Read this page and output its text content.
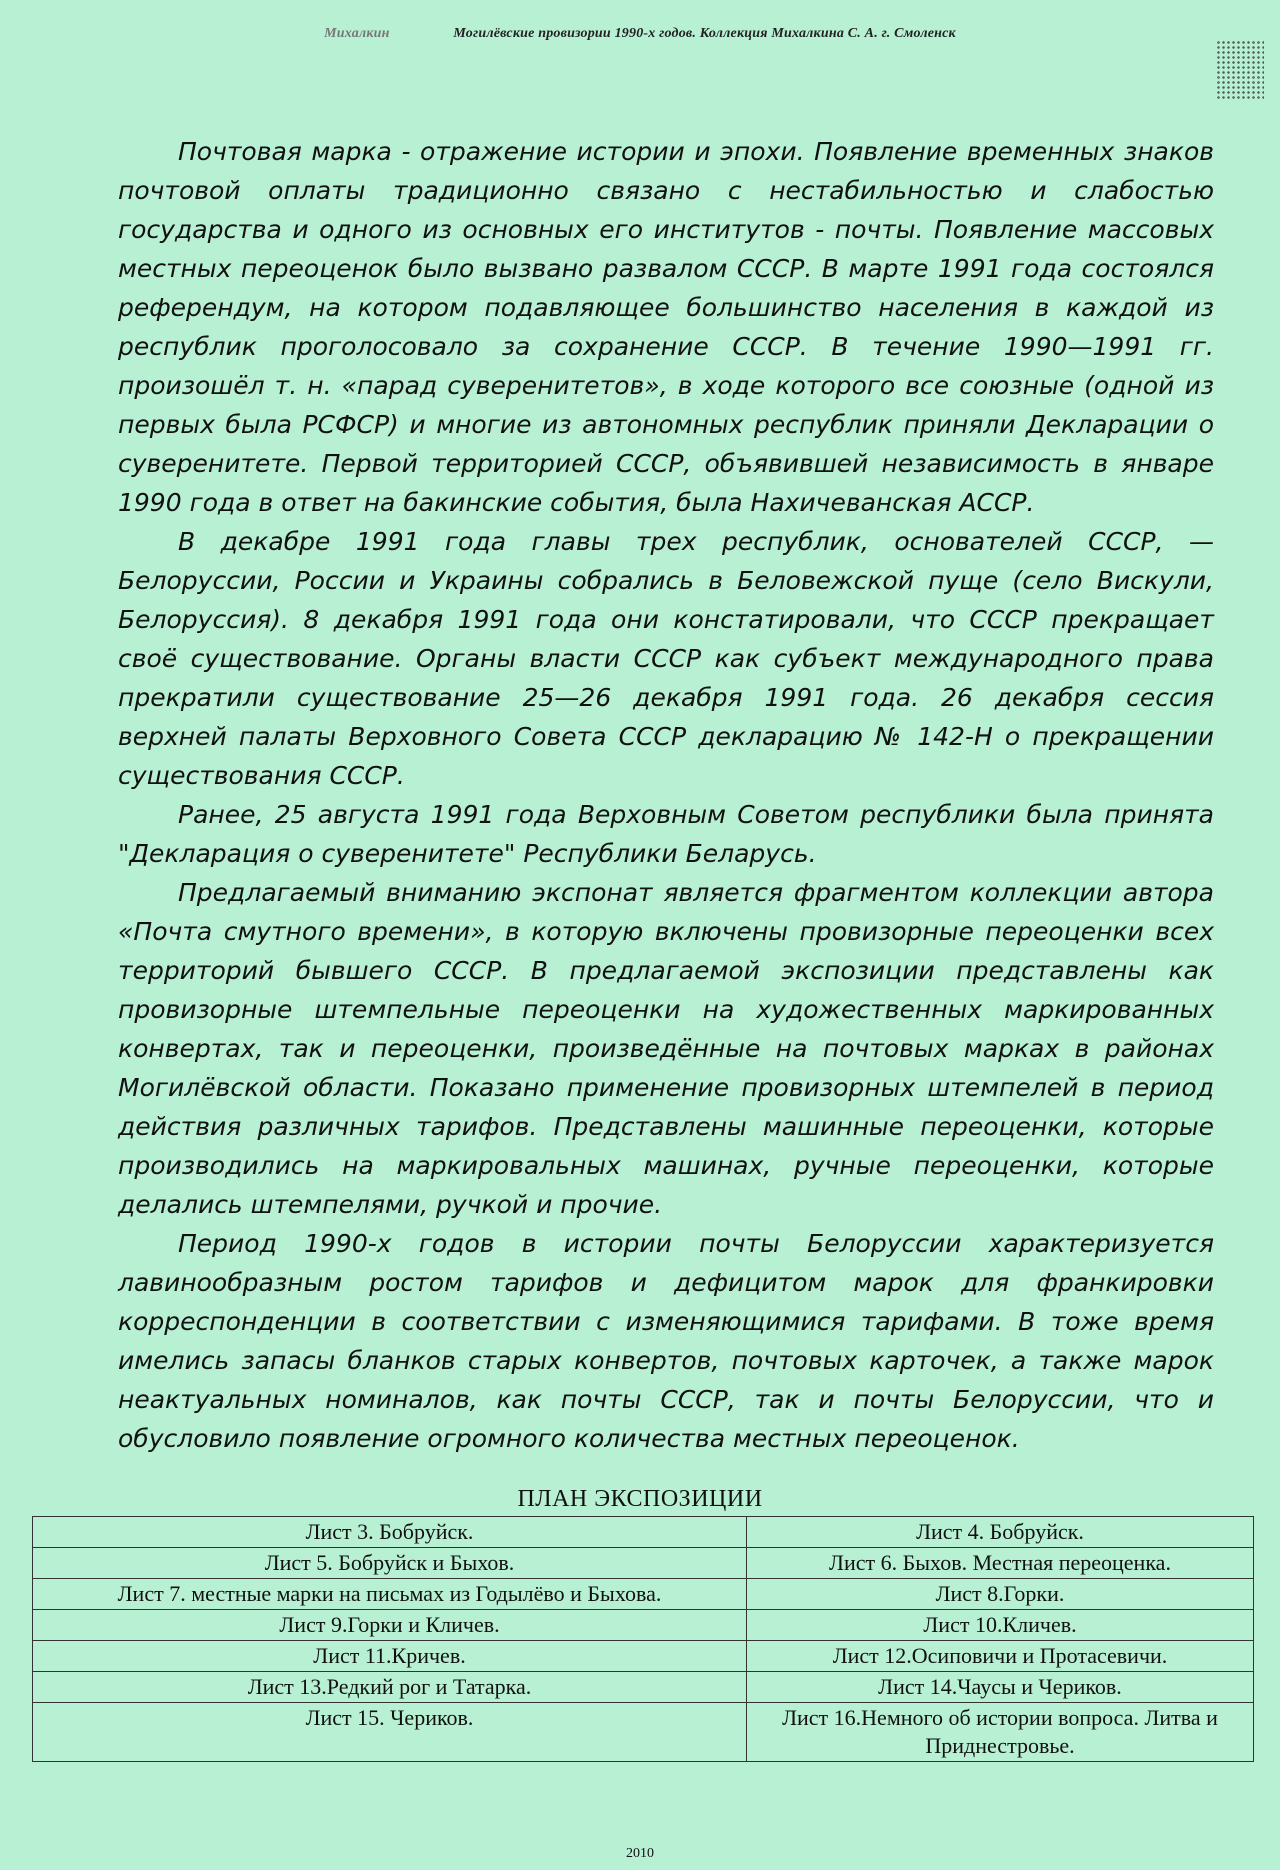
Михалкин	Могилёвские провизории 1990-х годов. Коллекция Михалкина С. А. г. Смоленск

Почтовая марка - отражение истории и эпохи. Появление временных знаков почтовой оплаты традиционно связано с нестабильностью и слабостью государства и одного из основных его институтов - почты. Появление массовых местных переоценок было вызвано развалом СССР. В марте 1991 года состоялся референдум, на котором подавляющее большинство населения в каждой из республик проголосовало за сохранение СССР. В течение 1990—1991 гг. произошёл т. н. «парад суверенитетов», в ходе которого все союзные (одной из первых была РСФСР) и многие из автономных республик приняли Декларации о суверенитете. Первой территорией СССР, объявившей независимость в январе 1990 года в ответ на бакинские события, была Нахичеванская АССР.

В декабре 1991 года главы трех республик, основателей СССР, — Белоруссии, России и Украины собрались в Беловежской пуще (село Вискули, Белоруссия). 8 декабря 1991 года они констатировали, что СССР прекращает своё существование. Органы власти СССР как субъект международного права прекратили существование 25—26 декабря 1991 года. 26 декабря сессия верхней палаты Верховного Совета СССР декларацию № 142-Н о прекращении существования СССР.

Ранее, 25 августа 1991 года Верховным Советом республики была принята "Декларация о суверенитете" Республики Беларусь.

Предлагаемый вниманию экспонат является фрагментом коллекции автора «Почта смутного времени», в которую включены провизорные переоценки всех территорий бывшего СССР. В предлагаемой экспозиции представлены как провизорные штемпельные переоценки на художественных маркированных конвертах, так и переоценки, произведённые на почтовых марках в районах Могилёвской области. Показано применение провизорных штемпелей в период действия различных тарифов. Представлены машинные переоценки, которые производились на маркировальных машинах, ручные переоценки, которые делались штемпелями, ручкой и прочие.

Период 1990-х годов в истории почты Белоруссии характеризуется лавинообразным ростом тарифов и дефицитом марок для франкировки корреспонденции в соответствии с изменяющимися тарифами. В тоже время имелись запасы бланков старых конвертов, почтовых карточек, а также марок неактуальных номиналов, как почты СССР, так и почты Белоруссии, что и обусловило появление огромного количества местных переоценок.

ПЛАН ЭКСПОЗИЦИИ
Лист 3. Бобруйск.	Лист 4. Бобруйск.
Лист 5. Бобруйск и Быхов.	Лист 6. Быхов. Местная переоценка.
Лист 7. местные марки на письмах из Годылёво и Быхова.	Лист 8.Горки.
Лист 9.Горки и Кличев.	Лист 10.Кличев.
Лист 11.Кричев.	Лист 12.Осиповичи и Протасевичи.
Лист 13.Редкий рог и Татарка.	Лист 14.Чаусы и Чериков.
Лист 15. Чериков.	Лист 16.Немного об истории вопроса. Литва и Приднестровье.
2010
